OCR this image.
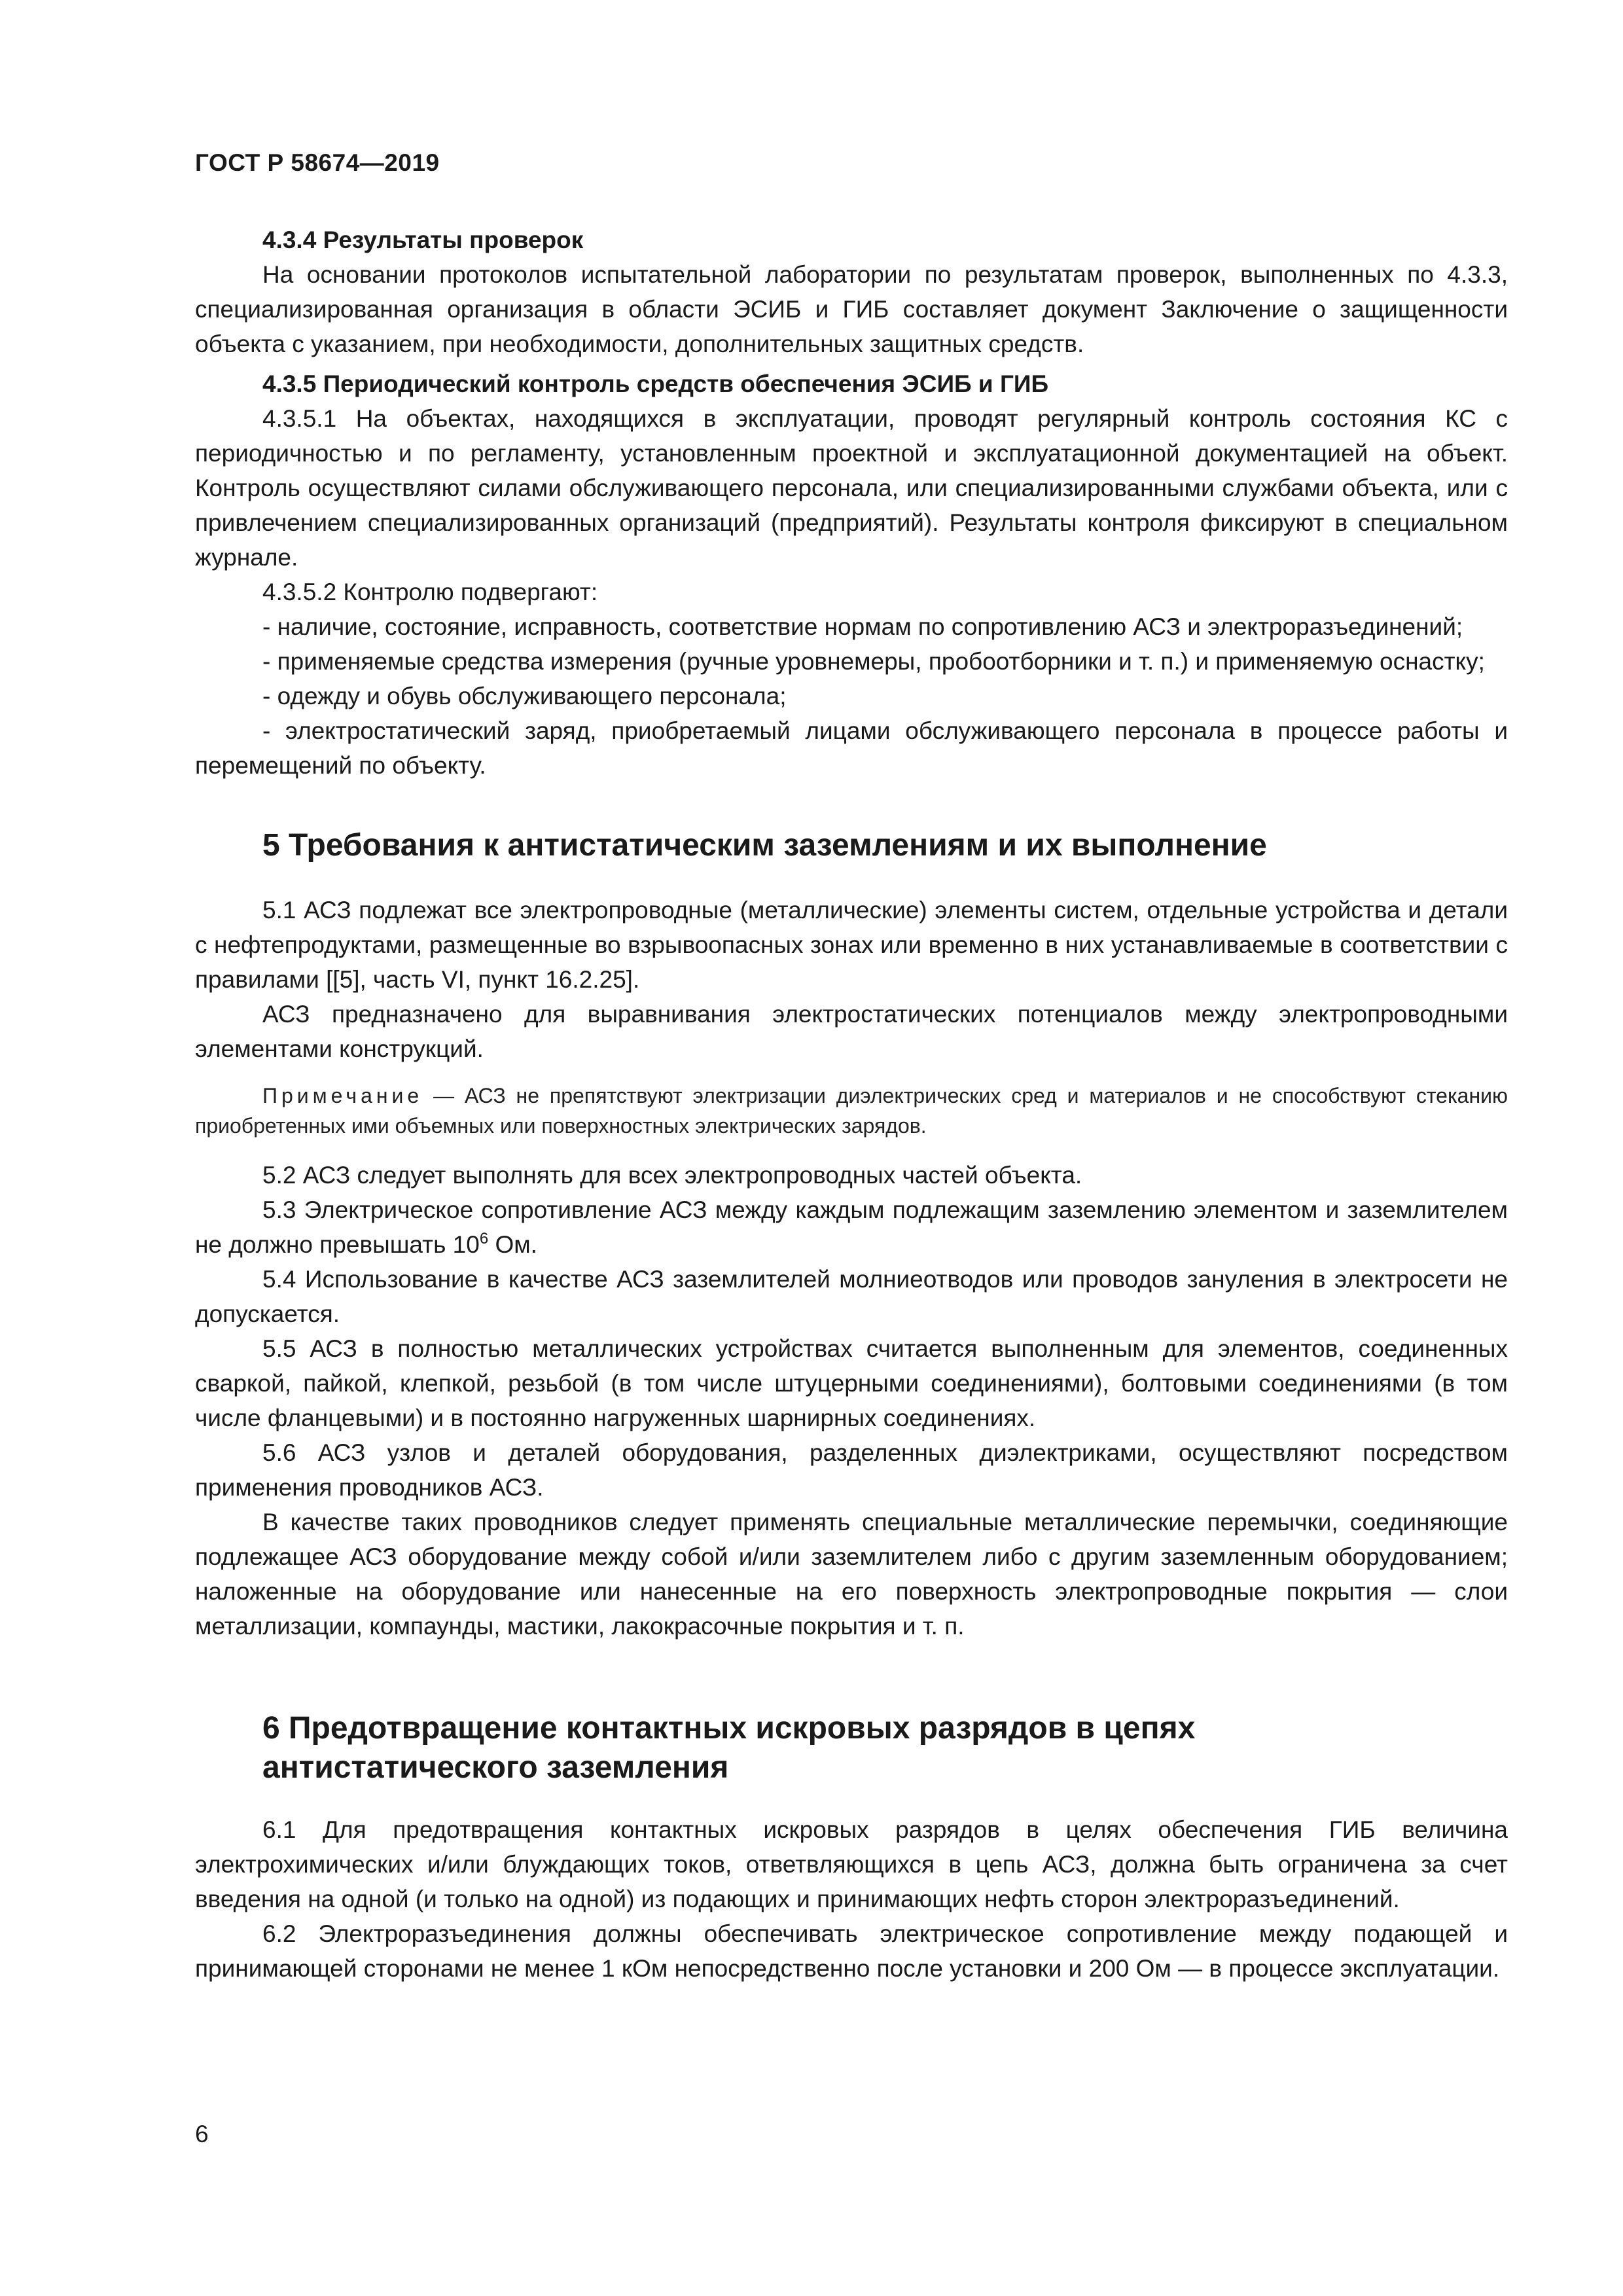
ГОСТ Р 58674—2019

4.3.4 Результаты проверок

На основании протоколов испытательной лаборатории по результатам проверок, выполненных по 4.3.3, специализированная организация в области ЭСИБ и ГИБ составляет документ Заключение о защищенности объекта с указанием, при необходимости, дополнительных защитных средств.

4.3.5 Периодический контроль средств обеспечения ЭСИБ и ГИБ

4.3.5.1 На объектах, находящихся в эксплуатации, проводят регулярный контроль состояния КС с периодичностью и по регламенту, установленным проектной и эксплуатационной документацией на объект. Контроль осуществляют силами обслуживающего персонала, или специализированными службами объекта, или с привлечением специализированных организаций (предприятий). Результаты контроля фиксируют в специальном журнале.

4.3.5.2 Контролю подвергают:

- наличие, состояние, исправность, соответствие нормам по сопротивлению АСЗ и электроразъединений;

- применяемые средства измерения (ручные уровнемеры, пробоотборники и т. п.) и применяемую оснастку;

- одежду и обувь обслуживающего персонала;

- электростатический заряд, приобретаемый лицами обслуживающего персонала в процессе работы и перемещений по объекту.

5 Требования к антистатическим заземлениям и их выполнение

5.1 АСЗ подлежат все электропроводные (металлические) элементы систем, отдельные устройства и детали с нефтепродуктами, размещенные во взрывоопасных зонах или временно в них устанавливаемые в соответствии с правилами [[5], часть VI, пункт 16.2.25].

АСЗ предназначено для выравнивания электростатических потенциалов между электропроводными элементами конструкций.

Примечание — АСЗ не препятствуют электризации диэлектрических сред и материалов и не способствуют стеканию приобретенных ими объемных или поверхностных электрических зарядов.

5.2 АСЗ следует выполнять для всех электропроводных частей объекта.

5.3 Электрическое сопротивление АСЗ между каждым подлежащим заземлению элементом и заземлителем не должно превышать $10^6$ Ом.

5.4 Использование в качестве АСЗ заземлителей молниеотводов или проводов зануления в электросети не допускается.

5.5 АСЗ в полностью металлических устройствах считается выполненным для элементов, соединенных сваркой, пайкой, клепкой, резьбой (в том числе штуцерными соединениями), болтовыми соединениями (в том числе фланцевыми) и в постоянно нагруженных шарнирных соединениях.

5.6 АСЗ узлов и деталей оборудования, разделенных диэлектриками, осуществляют посредством применения проводников АСЗ.

В качестве таких проводников следует применять специальные металлические перемычки, соединяющие подлежащее АСЗ оборудование между собой и/или заземлителем либо с другим заземленным оборудованием; наложенные на оборудование или нанесенные на его поверхность электропроводные покрытия — слои металлизации, компаунды, мастики, лакокрасочные покрытия и т. п.

6 Предотвращение контактных искровых разрядов в цепях
антистатического заземления

6.1 Для предотвращения контактных искровых разрядов в целях обеспечения ГИБ величина электрохимических и/или блуждающих токов, ответвляющихся в цепь АСЗ, должна быть ограничена за счет введения на одной (и только на одной) из подающих и принимающих нефть сторон электроразъединений.

6.2 Электроразъединения должны обеспечивать электрическое сопротивление между подающей и принимающей сторонами не менее 1 кОм непосредственно после установки и 200 Ом — в процессе эксплуатации.

6
